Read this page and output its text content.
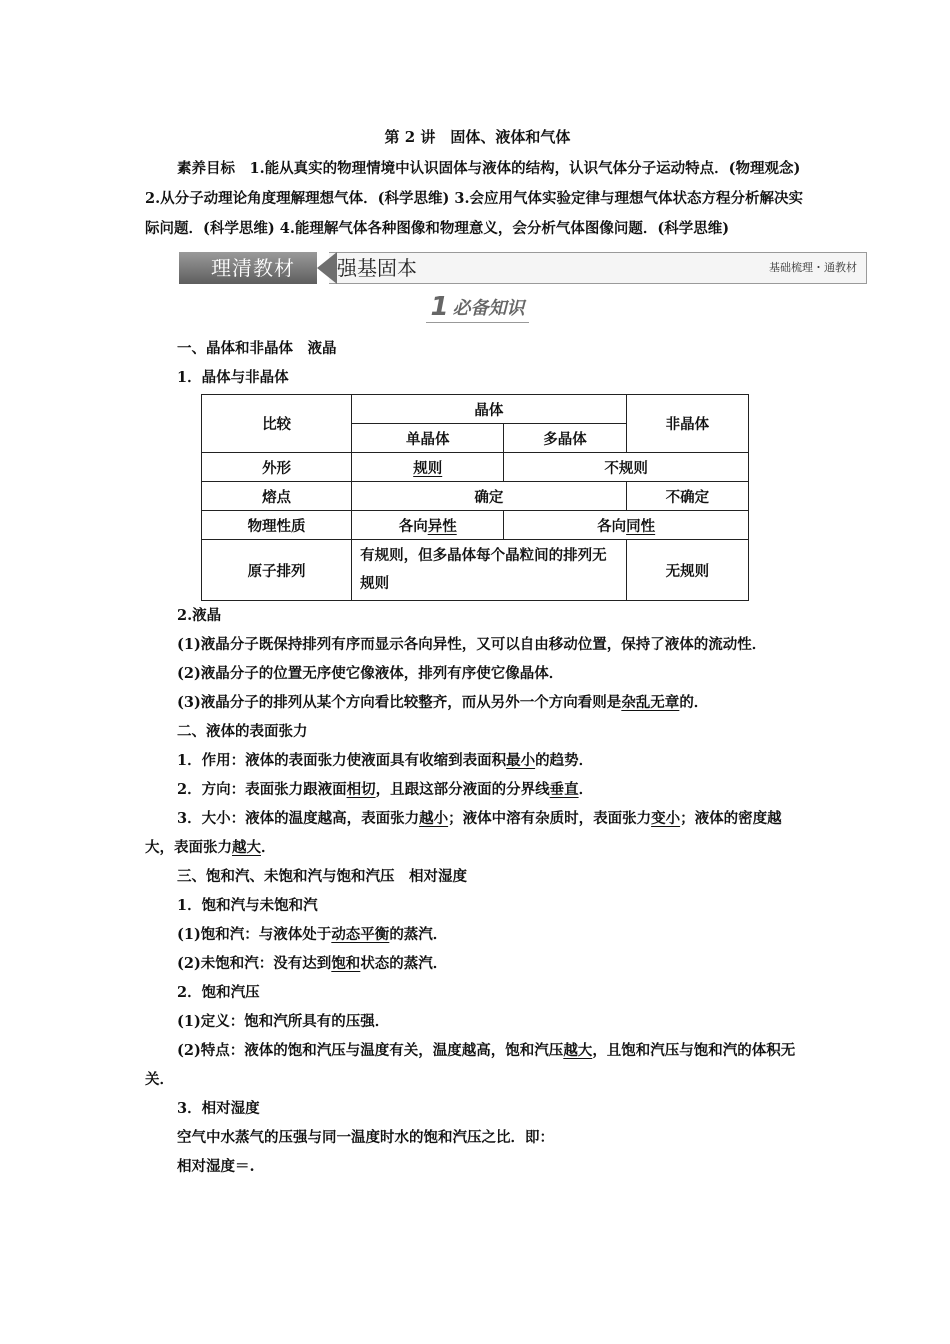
第 2 讲　固体、液体和气体

素养目标　 1.能从真实的物理情境中认识固体与液体的结构，认识气体分子运动特点．(物理观念) 2.从分子动理论角度理解理想气体．(科学思维) 3.会应用气体实验定律与理想气体状态方程分析解决实际问题．(科学思维) 4.能理解气体各种图像和物理意义，会分析气体图像问题．(科学思维)

理清教材	强基固本	基础梳理・通教材
1 必备知识

一、晶体和非晶体　液晶

1．晶体与非晶体

比较	晶体		非晶体
	单晶体	多晶体	
外形	规则	不规则	
熔点	确定		不确定
物理性质	各向异性	各向同性	
原子排列	有规则，但多晶体每个晶粒间的排列无规则		无规则

2.液晶

(1)液晶分子既保持排列有序而显示各向异性，又可以自由移动位置，保持了液体的流动性．

(2)液晶分子的位置无序使它像液体，排列有序使它像晶体．

(3)液晶分子的排列从某个方向看比较整齐，而从另外一个方向看则是杂乱无章的．

二、液体的表面张力

1．作用：液体的表面张力使液面具有收缩到表面积最小的趋势．

2．方向：表面张力跟液面相切，且跟这部分液面的分界线垂直．

3．大小：液体的温度越高，表面张力越小；液体中溶有杂质时，表面张力变小；液体的密度越大，表面张力越大．

三、饱和汽、未饱和汽与饱和汽压　相对湿度

1．饱和汽与未饱和汽

(1)饱和汽：与液体处于动态平衡的蒸汽．

(2)未饱和汽：没有达到饱和状态的蒸汽．

2．饱和汽压

(1)定义：饱和汽所具有的压强．

(2)特点：液体的饱和汽压与温度有关，温度越高，饱和汽压越大，且饱和汽压与饱和汽的体积无关．

3．相对湿度

空气中水蒸气的压强与同一温度时水的饱和汽压之比．即：

相对湿度＝.
